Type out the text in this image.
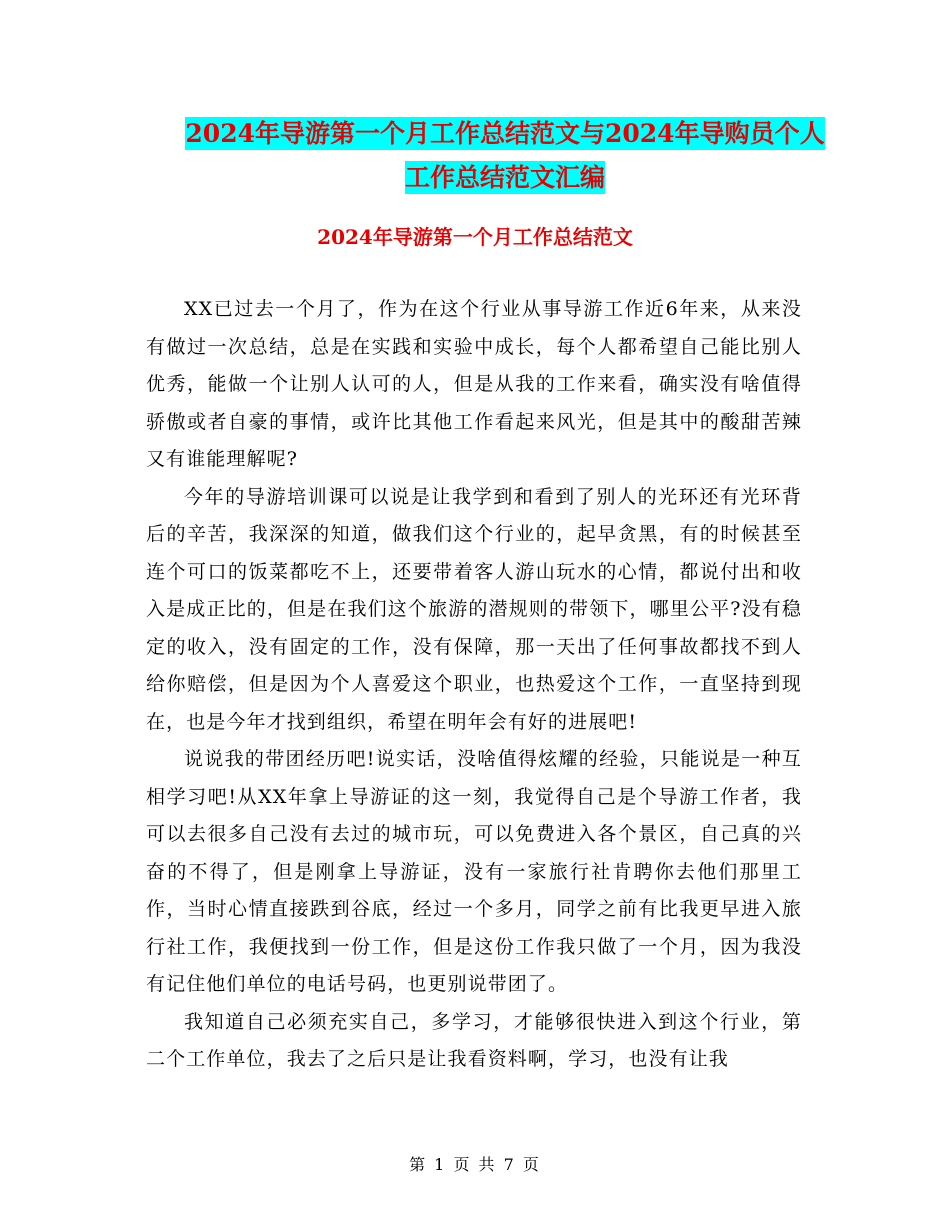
2024年导游第一个月工作总结范文与2024年导购员个人工作总结范文汇编
2024年导游第一个月工作总结范文

XX已过去一个月了，作为在这个行业从事导游工作近6年来，从来没有做过一次总结，总是在实践和实验中成长，每个人都希望自己能比别人优秀，能做一个让别人认可的人，但是从我的工作来看，确实没有啥值得骄傲或者自豪的事情，或许比其他工作看起来风光，但是其中的酸甜苦辣又有谁能理解呢?

今年的导游培训课可以说是让我学到和看到了别人的光环还有光环背后的辛苦，我深深的知道，做我们这个行业的，起早贪黑，有的时候甚至连个可口的饭菜都吃不上，还要带着客人游山玩水的心情，都说付出和收入是成正比的，但是在我们这个旅游的潜规则的带领下，哪里公平?没有稳定的收入，没有固定的工作，没有保障，那一天出了任何事故都找不到人给你赔偿，但是因为个人喜爱这个职业，也热爱这个工作，一直坚持到现在，也是今年才找到组织，希望在明年会有好的进展吧!

说说我的带团经历吧!说实话，没啥值得炫耀的经验，只能说是一种互相学习吧!从XX年拿上导游证的这一刻，我觉得自己是个导游工作者，我可以去很多自己没有去过的城市玩，可以免费进入各个景区，自己真的兴奋的不得了，但是刚拿上导游证，没有一家旅行社肯聘你去他们那里工作，当时心情直接跌到谷底，经过一个多月，同学之前有比我更早进入旅行社工作，我便找到一份工作，但是这份工作我只做了一个月，因为我没有记住他们单位的电话号码，也更别说带团了。

我知道自己必须充实自己，多学习，才能够很快进入到这个行业，第二个工作单位，我去了之后只是让我看资料啊，学习，也没有让我

第 1 页 共 7 页
